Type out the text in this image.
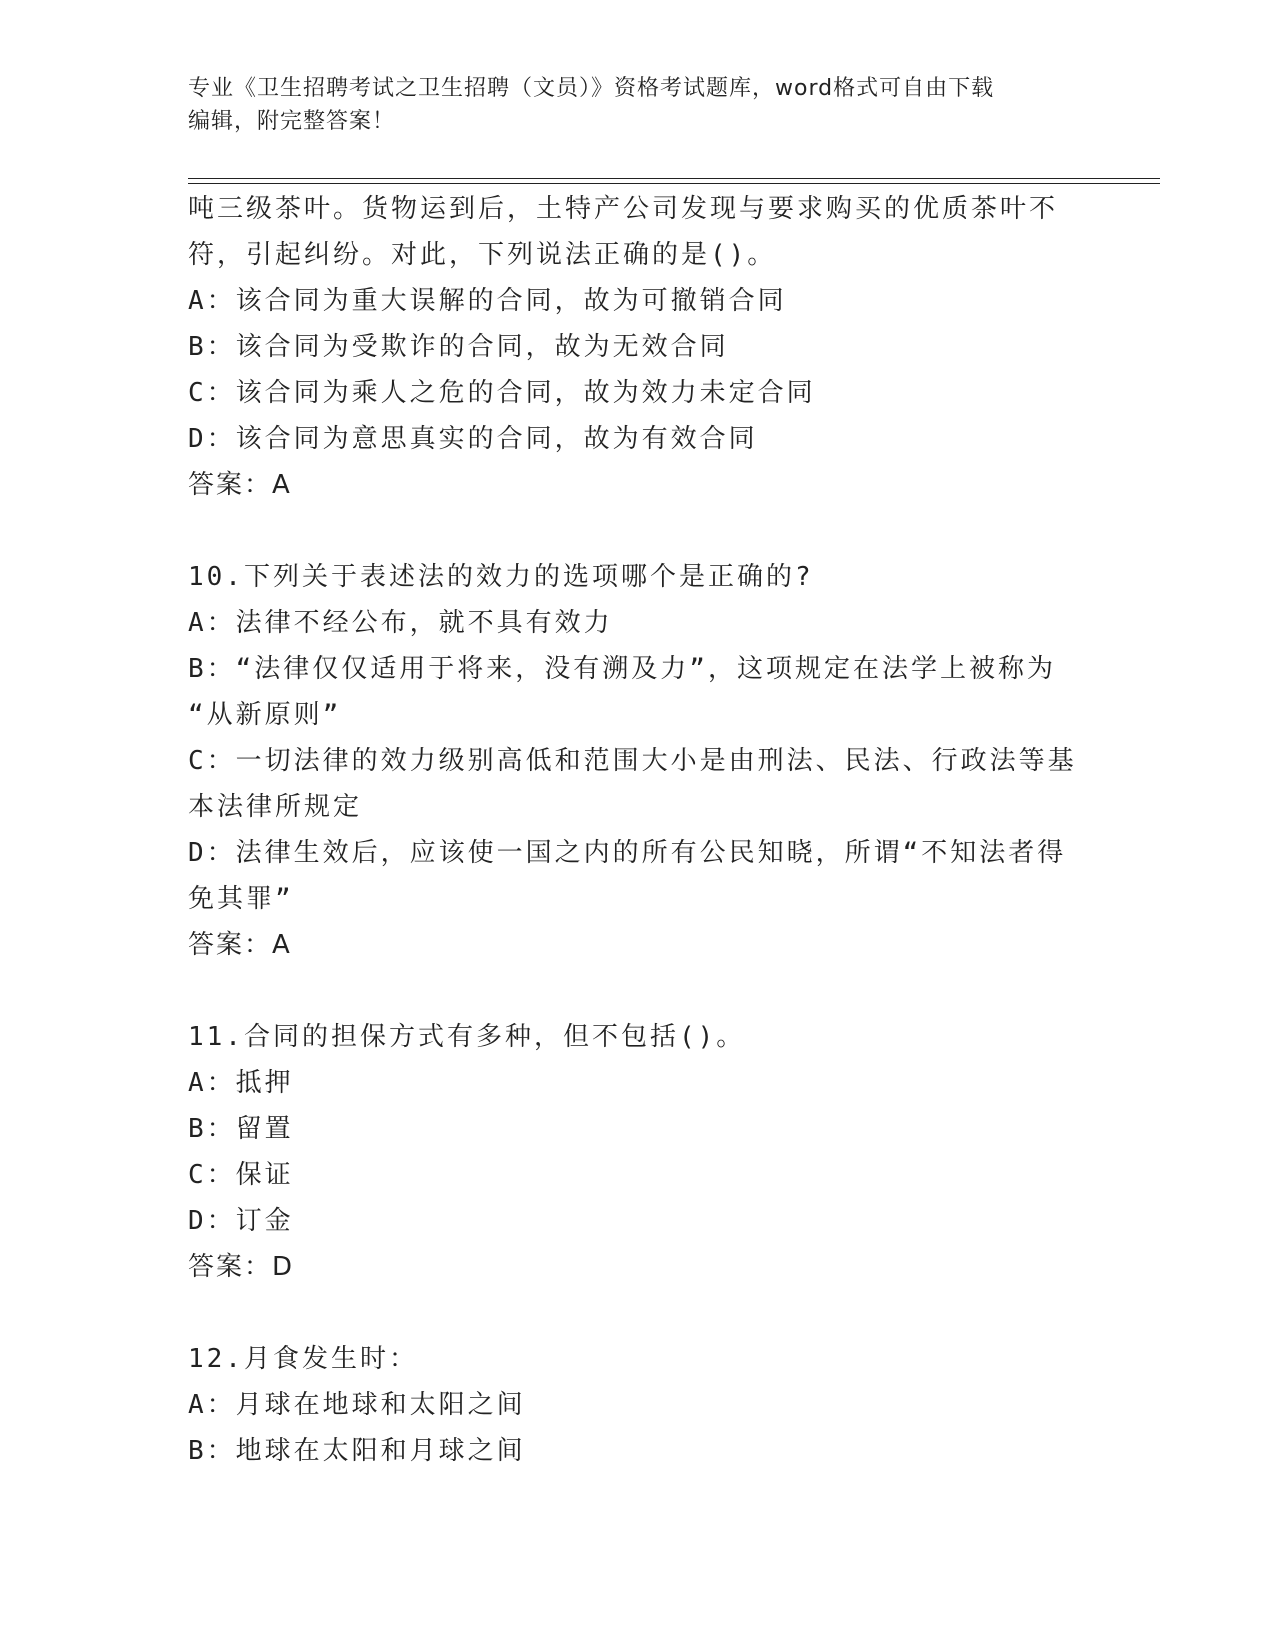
专业《卫生招聘考试之卫生招聘（文员）》资格考试题库，word格式可自由下载
编辑，附完整答案！
吨三级茶叶。货物运到后，土特产公司发现与要求购买的优质茶叶不
符，引起纠纷。对此，下列说法正确的是()。
A：该合同为重大误解的合同，故为可撤销合同
B：该合同为受欺诈的合同，故为无效合同
C：该合同为乘人之危的合同，故为效力未定合同
D：该合同为意思真实的合同，故为有效合同
答案：A
10.下列关于表述法的效力的选项哪个是正确的?
A：法律不经公布，就不具有效力
B：“法律仅仅适用于将来，没有溯及力”，这项规定在法学上被称为
“从新原则”
C：一切法律的效力级别高低和范围大小是由刑法、民法、行政法等基
本法律所规定
D：法律生效后，应该使一国之内的所有公民知晓，所谓“不知法者得
免其罪”
答案：A
11.合同的担保方式有多种，但不包括()。
A：抵押
B：留置
C：保证
D：订金
答案：D
12.月食发生时：
A：月球在地球和太阳之间
B：地球在太阳和月球之间
